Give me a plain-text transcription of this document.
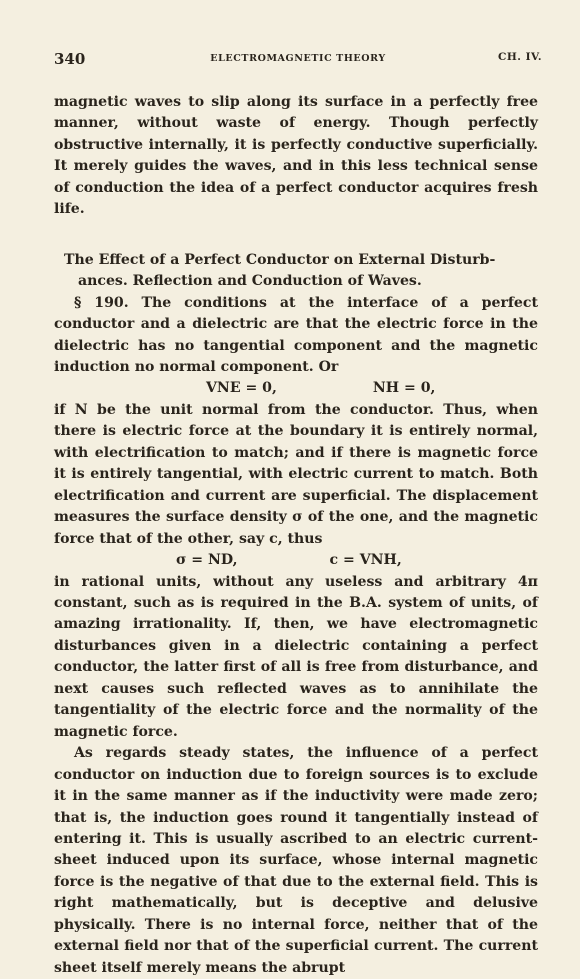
340	ELECTROMAGNETIC THEORY	CH. IV.

magnetic waves to slip along its surface in a perfectly free manner, without waste of energy. Though perfectly obstructive internally, it is perfectly conductive superficially. It merely guides the waves, and in this less technical sense of conduction the idea of a perfect conductor acquires fresh life.

The Effect of a Perfect Conductor on External Disturb-
ances. Reflection and Conduction of Waves.

§ 190. The conditions at the interface of a perfect conductor and a dielectric are that the electric force in the dielectric has no tangential component and the magnetic induction no normal component. Or

VNE = 0,	NH = 0,

if N be the unit normal from the conductor. Thus, when there is electric force at the boundary it is entirely normal, with electrification to match; and if there is magnetic force it is entirely tangential, with electric current to match. Both electrification and current are superficial. The displacement measures the surface density σ of the one, and the magnetic force that of the other, say c, thus

σ = ND,	c = VNH,

in rational units, without any useless and arbitrary 4π constant, such as is required in the B.A. system of units, of amazing irrationality. If, then, we have electromagnetic disturbances given in a dielectric containing a perfect conductor, the latter first of all is free from disturbance, and next causes such reflected waves as to annihilate the tangentiality of the electric force and the normality of the magnetic force.

As regards steady states, the influence of a perfect conductor on induction due to foreign sources is to exclude it in the same manner as if the inductivity were made zero; that is, the induction goes round it tangentially instead of entering it. This is usually ascribed to an electric current-sheet induced upon its surface, whose internal magnetic force is the negative of that due to the external field. This is right mathematically, but is deceptive and delusive physically. There is no internal force, neither that of the external field nor that of the superficial current. The current sheet itself merely means the abrupt
